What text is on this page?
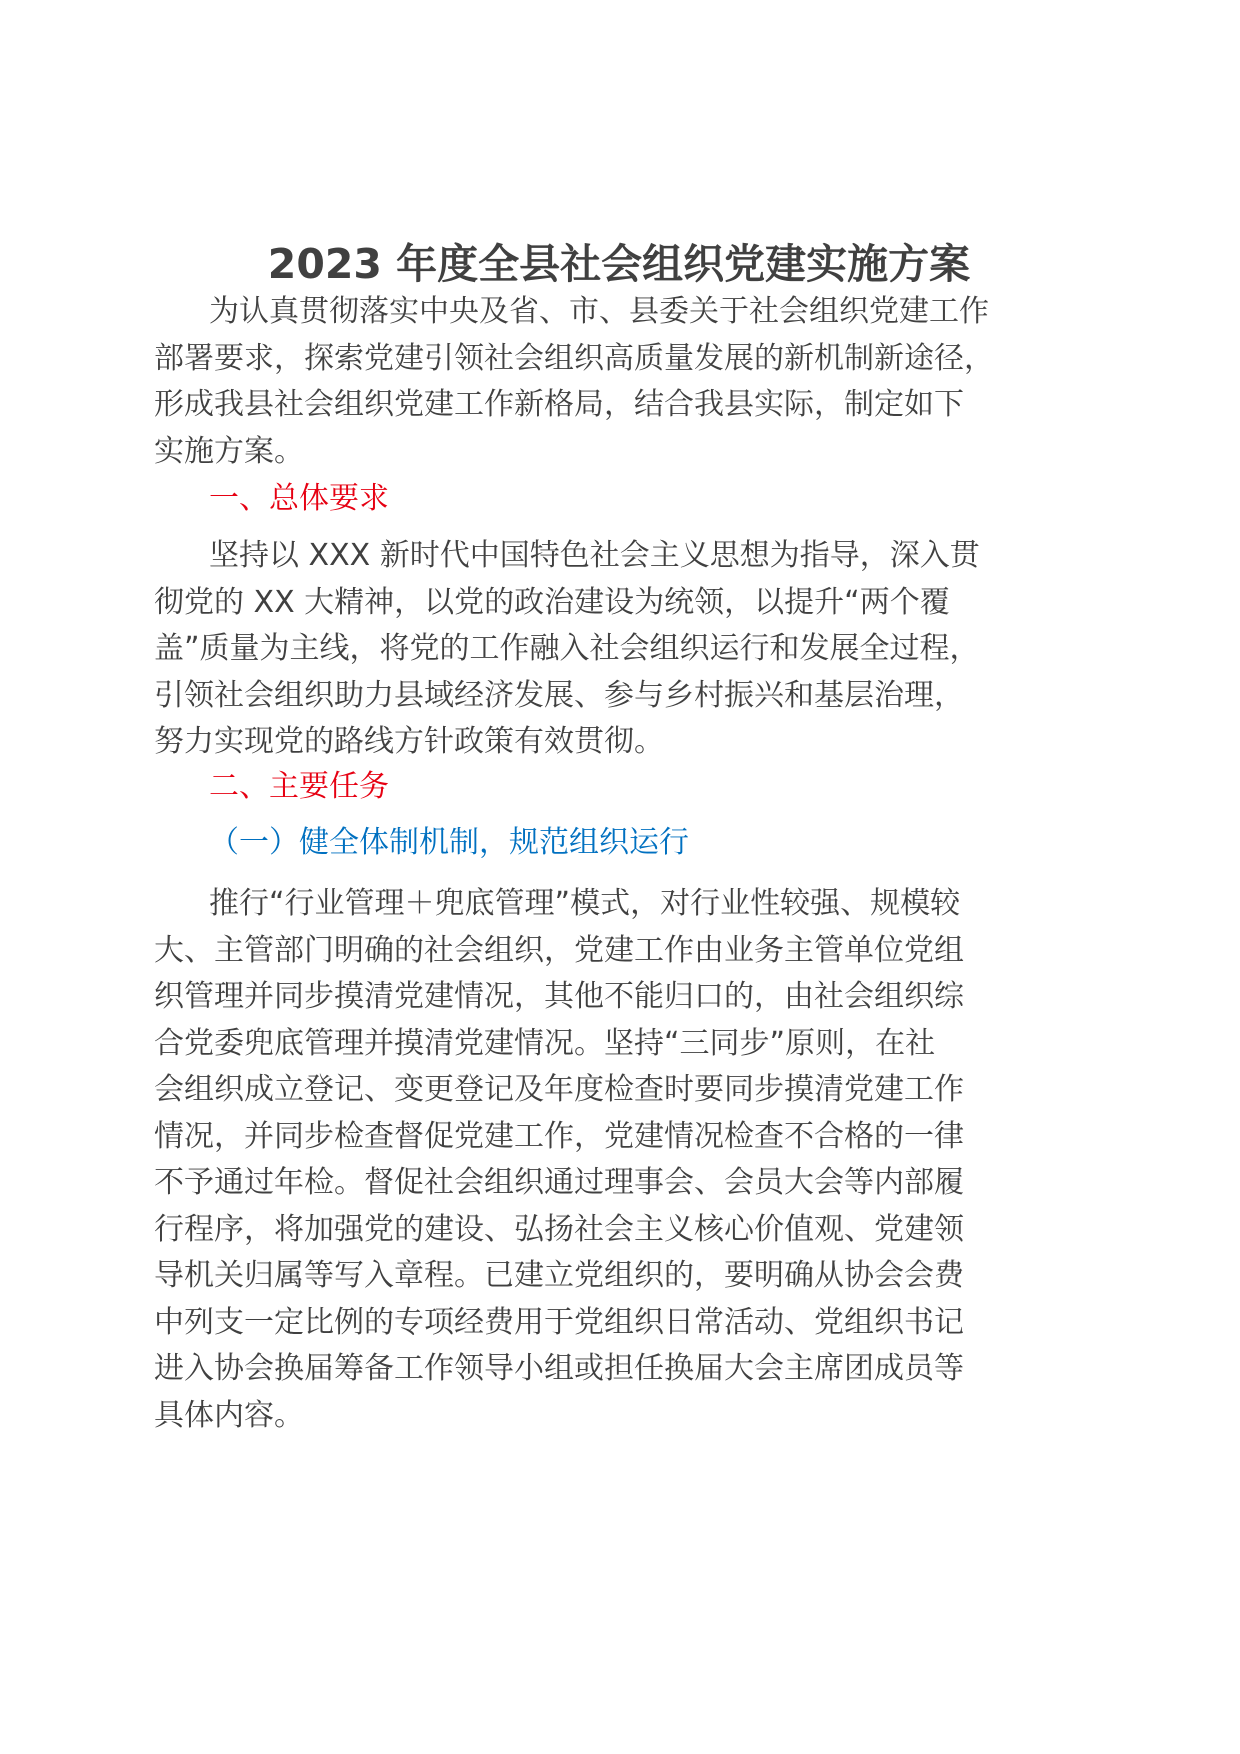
2023 年度全县社会组织党建实施方案

为认真贯彻落实中央及省、市、县委关于社会组织党建工作
部署要求，探索党建引领社会组织高质量发展的新机制新途径，
形成我县社会组织党建工作新格局，结合我县实际，制定如下
实施方案。

一、总体要求

坚持以 XXX 新时代中国特色社会主义思想为指导，深入贯
彻党的 XX 大精神，以党的政治建设为统领，以提升“两个覆
盖”质量为主线，将党的工作融入社会组织运行和发展全过程，
引领社会组织助力县域经济发展、参与乡村振兴和基层治理，
努力实现党的路线方针政策有效贯彻。

二、主要任务
（一）健全体制机制，规范组织运行

推行“行业管理＋兜底管理”模式，对行业性较强、规模较
大、主管部门明确的社会组织，党建工作由业务主管单位党组
织管理并同步摸清党建情况，其他不能归口的，由社会组织综
合党委兜底管理并摸清党建情况。坚持“三同步”原则，在社
会组织成立登记、变更登记及年度检查时要同步摸清党建工作
情况，并同步检查督促党建工作，党建情况检查不合格的一律
不予通过年检。督促社会组织通过理事会、会员大会等内部履
行程序，将加强党的建设、弘扬社会主义核心价值观、党建领
导机关归属等写入章程。已建立党组织的，要明确从协会会费
中列支一定比例的专项经费用于党组织日常活动、党组织书记
进入协会换届筹备工作领导小组或担任换届大会主席团成员等
具体内容。
